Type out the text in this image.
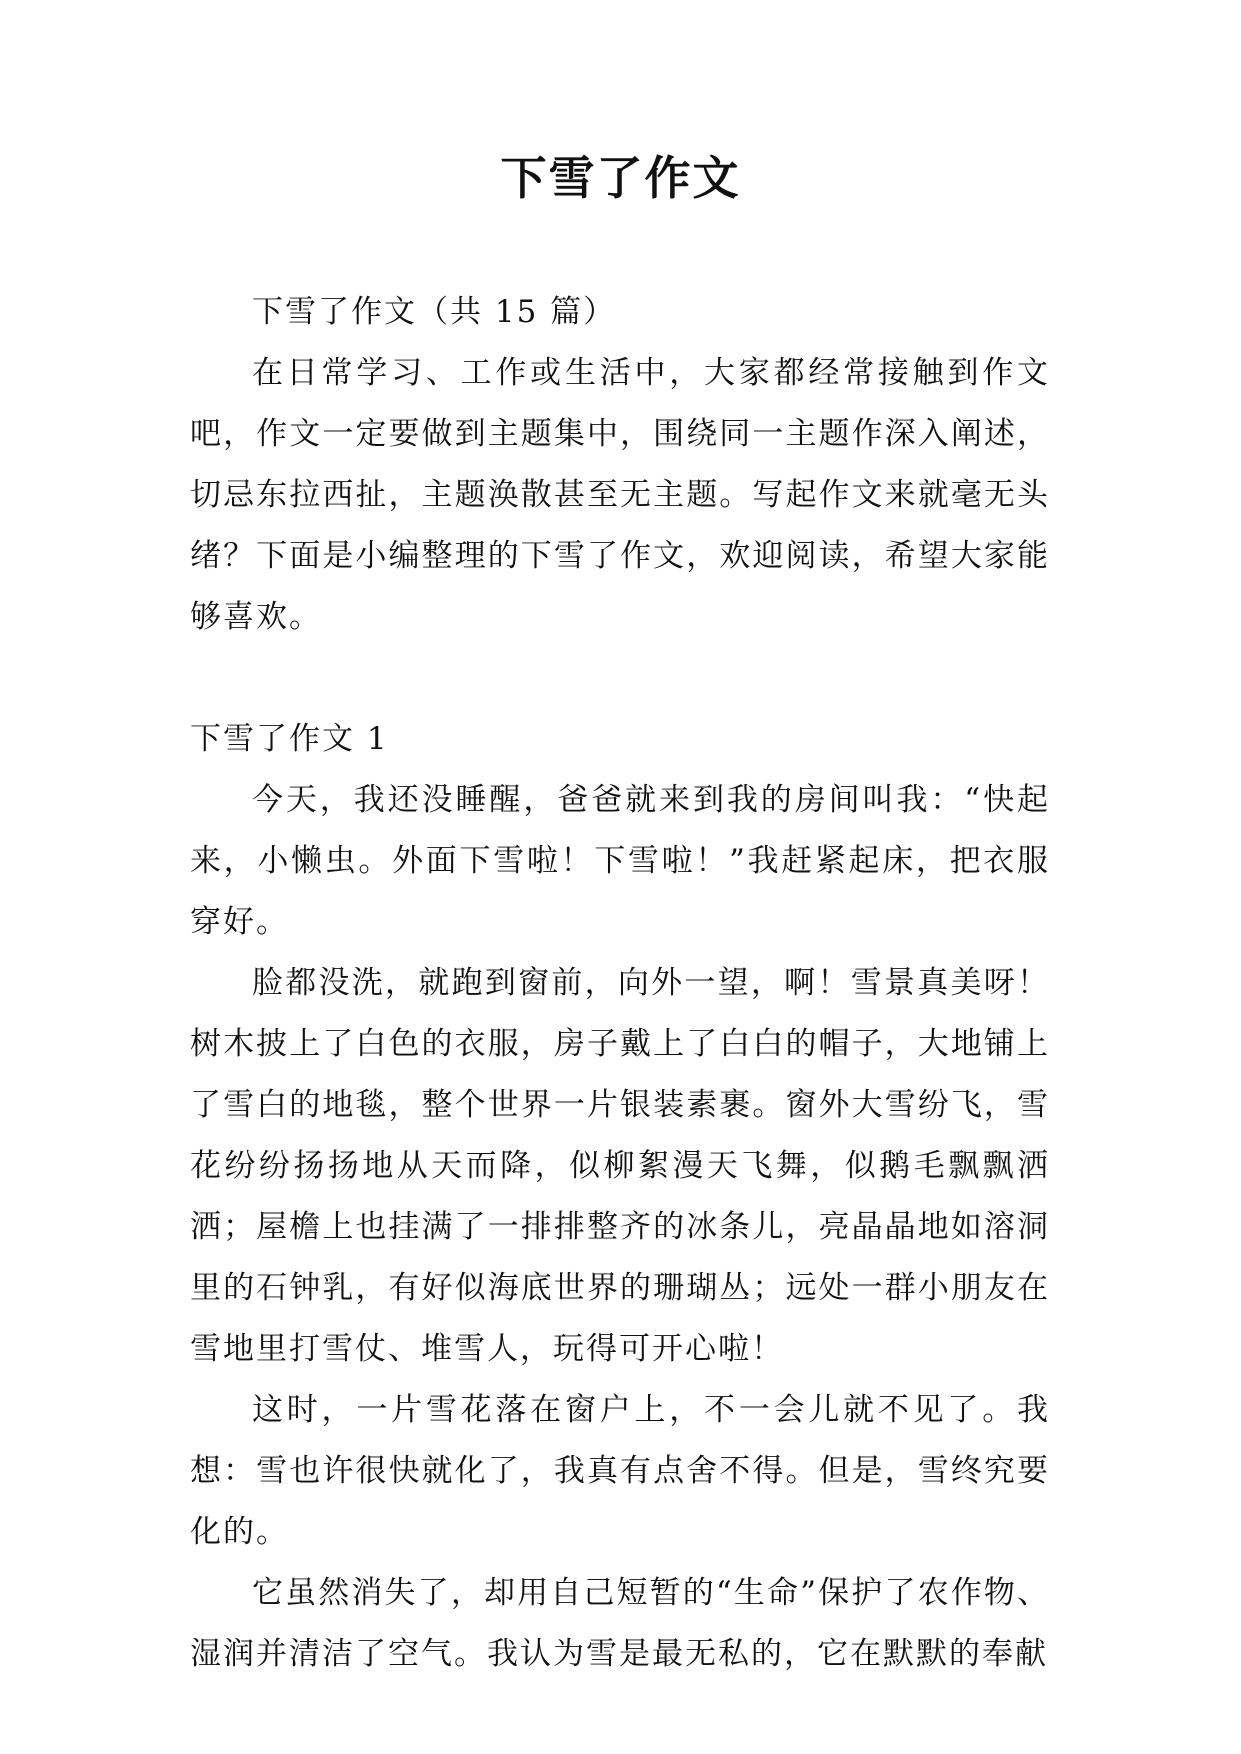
下雪了作文

下雪了作文（共 15 篇）

在日常学习、工作或生活中，大家都经常接触到作文吧，作文一定要做到主题集中，围绕同一主题作深入阐述，切忌东拉西扯，主题涣散甚至无主题。写起作文来就毫无头绪？下面是小编整理的下雪了作文，欢迎阅读，希望大家能够喜欢。

下雪了作文 1

今天，我还没睡醒，爸爸就来到我的房间叫我：“快起来，小懒虫。外面下雪啦！下雪啦！”我赶紧起床，把衣服穿好。

脸都没洗，就跑到窗前，向外一望，啊！雪景真美呀！树木披上了白色的衣服，房子戴上了白白的帽子，大地铺上了雪白的地毯，整个世界一片银装素裹。窗外大雪纷飞，雪花纷纷扬扬地从天而降，似柳絮漫天飞舞，似鹅毛飘飘洒洒；屋檐上也挂满了一排排整齐的冰条儿，亮晶晶地如溶洞里的石钟乳，有好似海底世界的珊瑚丛；远处一群小朋友在雪地里打雪仗、堆雪人，玩得可开心啦！

这时，一片雪花落在窗户上，不一会儿就不见了。我想：雪也许很快就化了，我真有点舍不得。但是，雪终究要化的。

它虽然消失了，却用自己短暂的“生命”保护了农作物、湿润并清洁了空气。我认为雪是最无私的，它在默默的奉献
